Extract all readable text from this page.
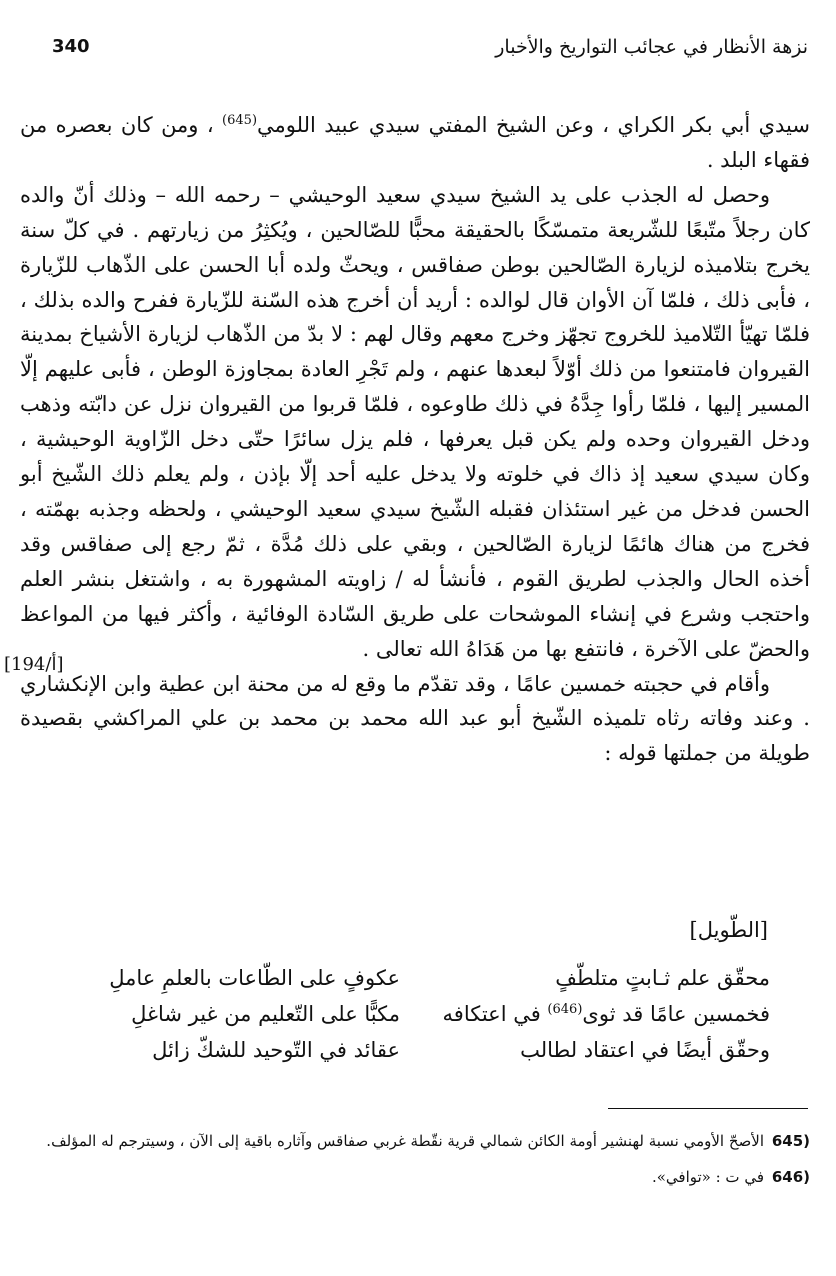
نزهة الأنظار في عجائب التواريخ والأخبار
340

سيدي أبي بكر الكراي ، وعن الشيخ المفتي سيدي عبيد اللومي$^{(645)}$ ، ومن كان بعصره من فقهاء البلد .

وحصل له الجذب على يد الشيخ سيدي سعيد الوحيشي – رحمه الله – وذلك أنّ والده كان رجلاً متّبعًا للشّريعة متمسّكًا بالحقيقة محبًّا للصّالحين ، ويُكثِرُ من زيارتهم . في كلّ سنة يخرج بتلاميذه لزيارة الصّالحين بوطن صفاقس ، ويحثّ ولده أبا الحسن على الذّهاب للزّيارة ، فأبى ذلك ، فلمّا آن الأوان قال لوالده : أريد أن أخرج هذه السّنة للزّيارة ففرح والده بذلك ، فلمّا تهيّأ التّلاميذ للخروج تجهّز وخرج معهم وقال لهم : لا بدّ من الذّهاب لزيارة الأشياخ بمدينة القيروان فامتنعوا من ذلك أوّلاً لبعدها عنهم ، ولم تَجْرِ العادة بمجاوزة الوطن ، فأبى عليهم إلّا المسير إليها ، فلمّا رأوا جِدَّهُ في ذلك طاوعوه ، فلمّا قربوا من القيروان نزل عن دابّته وذهب ودخل القيروان وحده ولم يكن قبل يعرفها ، فلم يزل سائرًا حتّى دخل الزّاوية الوحيشية ، وكان سيدي سعيد إذ ذاك في خلوته ولا يدخل عليه أحد إلّا بإذن ، ولم يعلم ذلك الشّيخ أبو الحسن فدخل من غير استئذان فقبله الشّيخ سيدي سعيد الوحيشي ، ولحظه وجذبه بهمّته ، فخرج من هناك هائمًا لزيارة الصّالحين ، وبقي على ذلك مُدَّة ، ثمّ رجع إلى صفاقس وقد أخذه الحال والجذب لطريق القوم ، فأنشأ له / زاويته المشهورة به ، واشتغل بنشر العلم واحتجب وشرع في إنشاء الموشحات على طريق السّادة الوفائية ، وأكثر فيها من المواعظ والحضّ على الآخرة ، فانتفع بها من هَدَاهُ الله تعالى .

وأقام في حجبته خمسين عامًا ، وقد تقدّم ما وقع له من محنة ابن عطية وابن الإنكشاري . وعند وفاته رثاه تلميذه الشّيخ أبو عبد الله محمد بن محمد بن علي المراكشي بقصيدة طويلة من جملتها قوله :

[194/أ]
[الطّويل]
محقّق علم ثـابتٍ متلطّفٍ
عكوفٍ على الطّاعات بالعلمِ عاملِ
فخمسين عامًا قد ثوى$^{(646)}$ في اعتكافه
مكبًّا على التّعليم من غير شاغلِ
وحقّق أيضًا في اعتقاد لطالب
عقائد في التّوحيد للشكّ زائل
645)
الأصحّ الأومي نسبة لهنشير أومة الكائن شمالي قرية نقّطة غربي صفاقس وآثاره باقية إلى الآن ، وسيترجم له المؤلف.
646)
في ت : «توافي».
